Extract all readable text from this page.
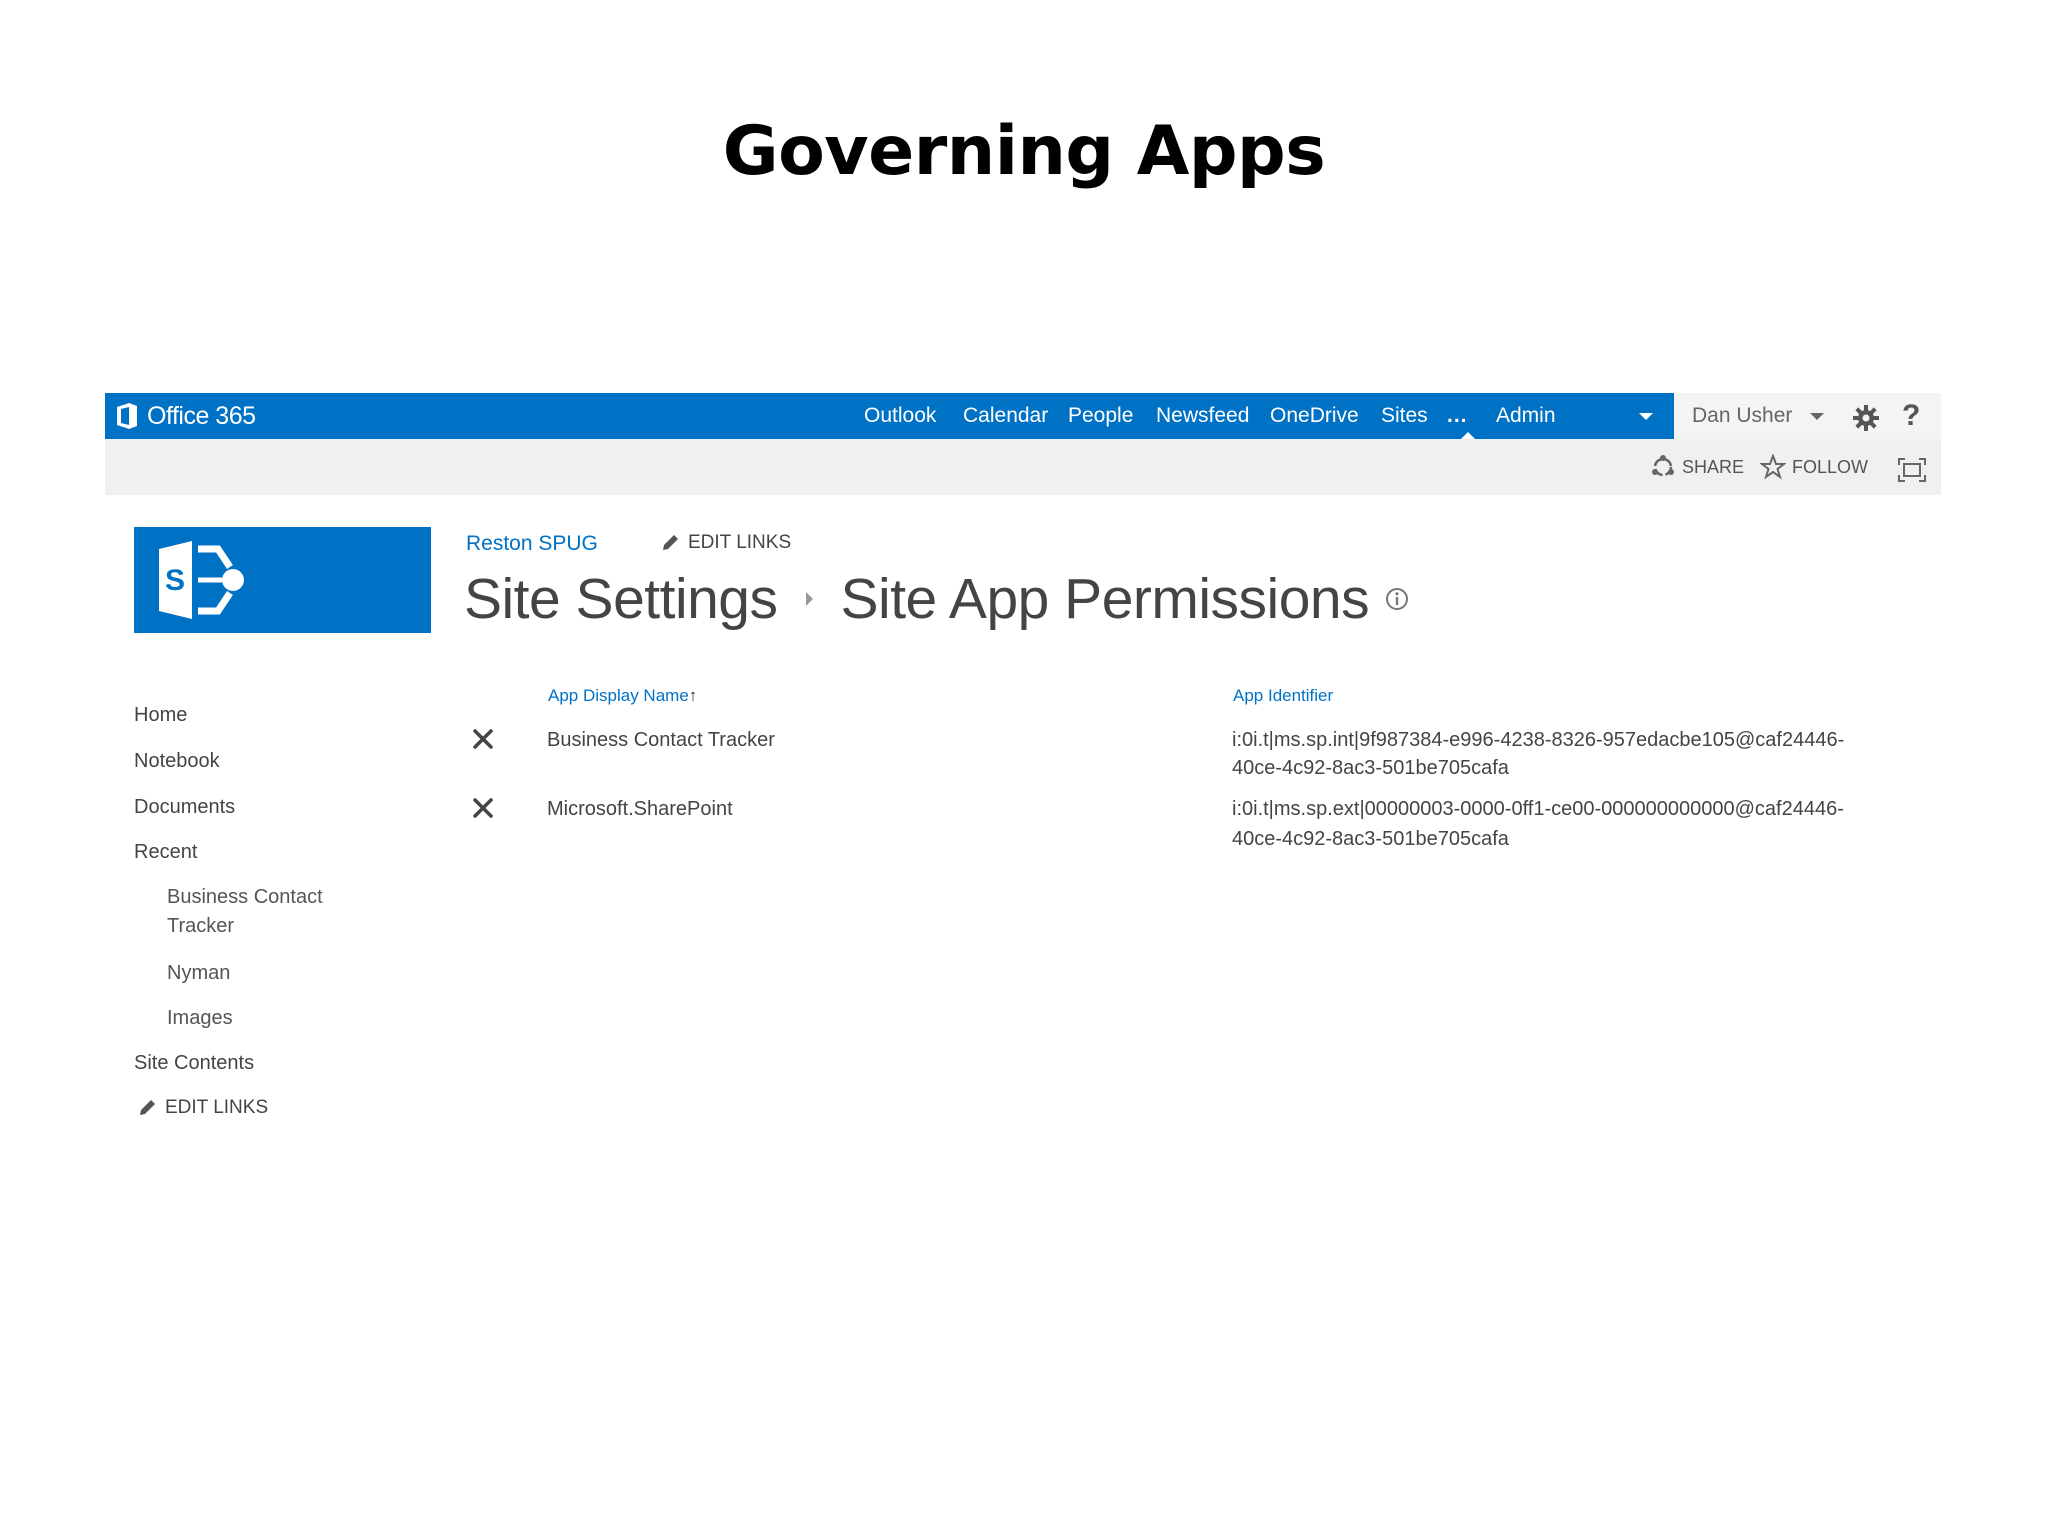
Governing Apps
Office 365	Outlook Calendar People Newsfeed OneDrive Sites ... Admin	Dan Usher	?
SHARE	FOLLOW
S
Reston SPUG	EDIT LINKS
Site Settings Site App Permissions
Home
Notebook
Documents
Recent
Business Contact
Tracker
Nyman
Images
Site Contents
EDIT LINKS
App Display Name↑	App Identifier
Business Contact Tracker	i:0i.t|ms.sp.int|9f987384-e996-4238-8326-957edacbe105@caf24446-
40ce-4c92-8ac3-501be705cafa
Microsoft.SharePoint	i:0i.t|ms.sp.ext|00000003-0000-0ff1-ce00-000000000000@caf24446-
40ce-4c92-8ac3-501be705cafa
